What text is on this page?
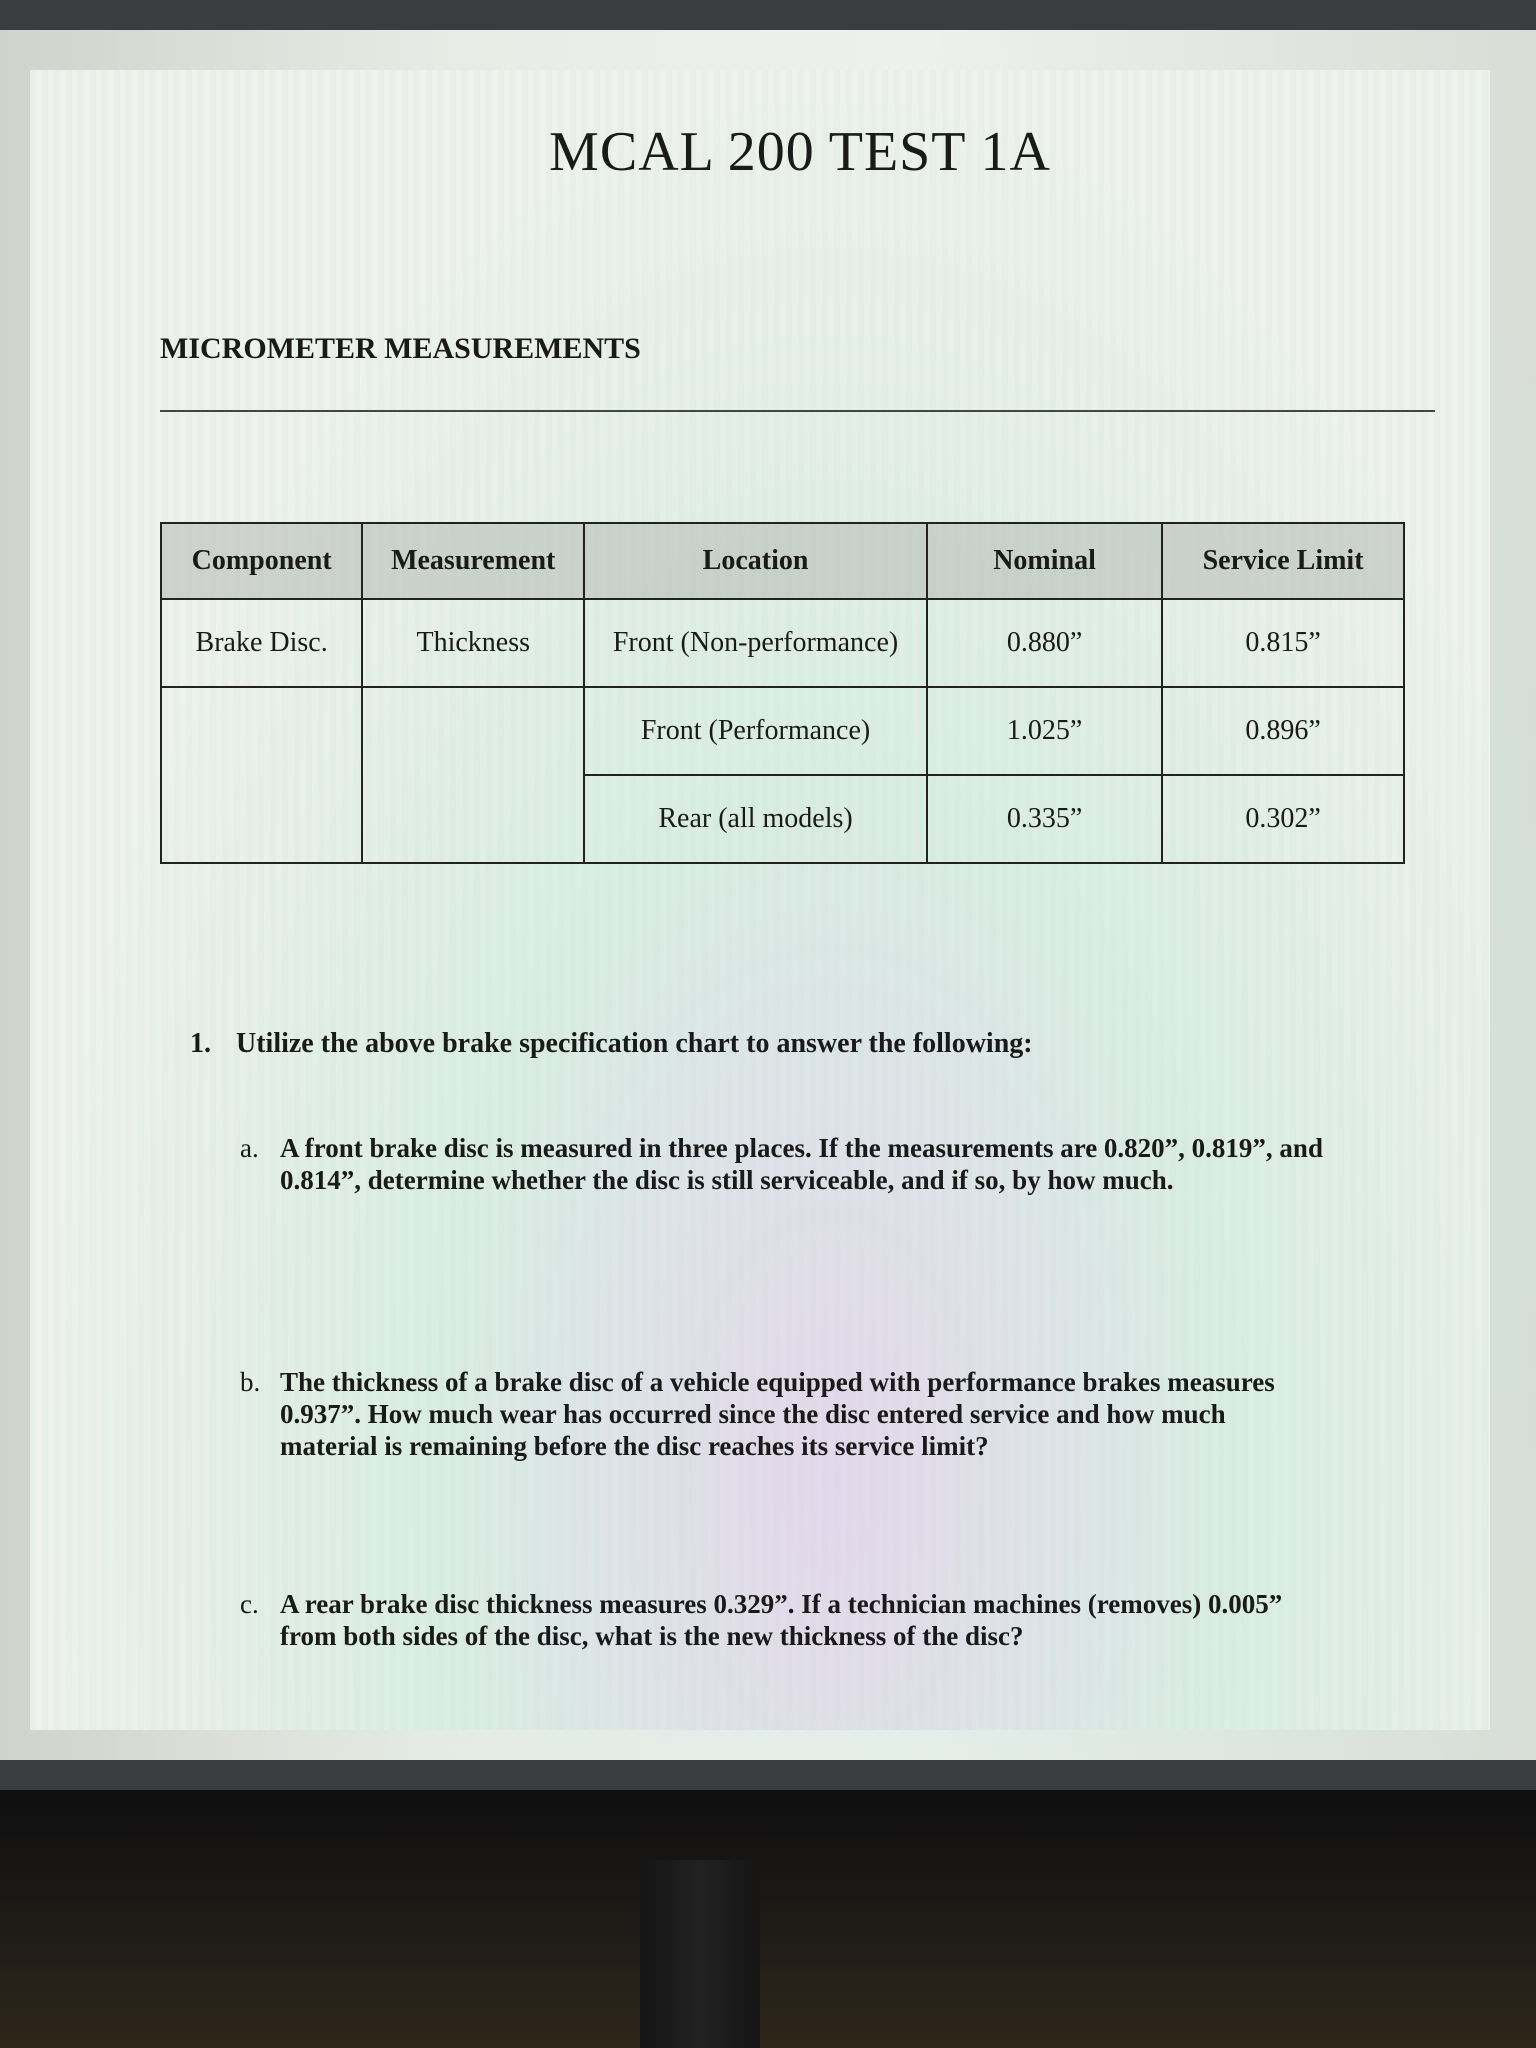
MCAL 200 TEST 1A
MICROMETER MEASUREMENTS
Component	Measurement	Location	Nominal	Service Limit
Brake Disc.	Thickness	Front (Non-performance)	0.880”	0.815”

		Front (Performance)	1.025”	0.896”
		Rear (all models)	0.335”	0.302”
1. Utilize the above brake specification chart to answer the following:
a. A front brake disc is measured in three places. If the measurements are 0.820”, 0.819”, and 0.814”, determine whether the disc is still serviceable, and if so, by how much.
b. The thickness of a brake disc of a vehicle equipped with performance brakes measures 0.937”. How much wear has occurred since the disc entered service and how much material is remaining before the disc reaches its service limit?
c. A rear brake disc thickness measures 0.329”. If a technician machines (removes) 0.005” from both sides of the disc, what is the new thickness of the disc?
